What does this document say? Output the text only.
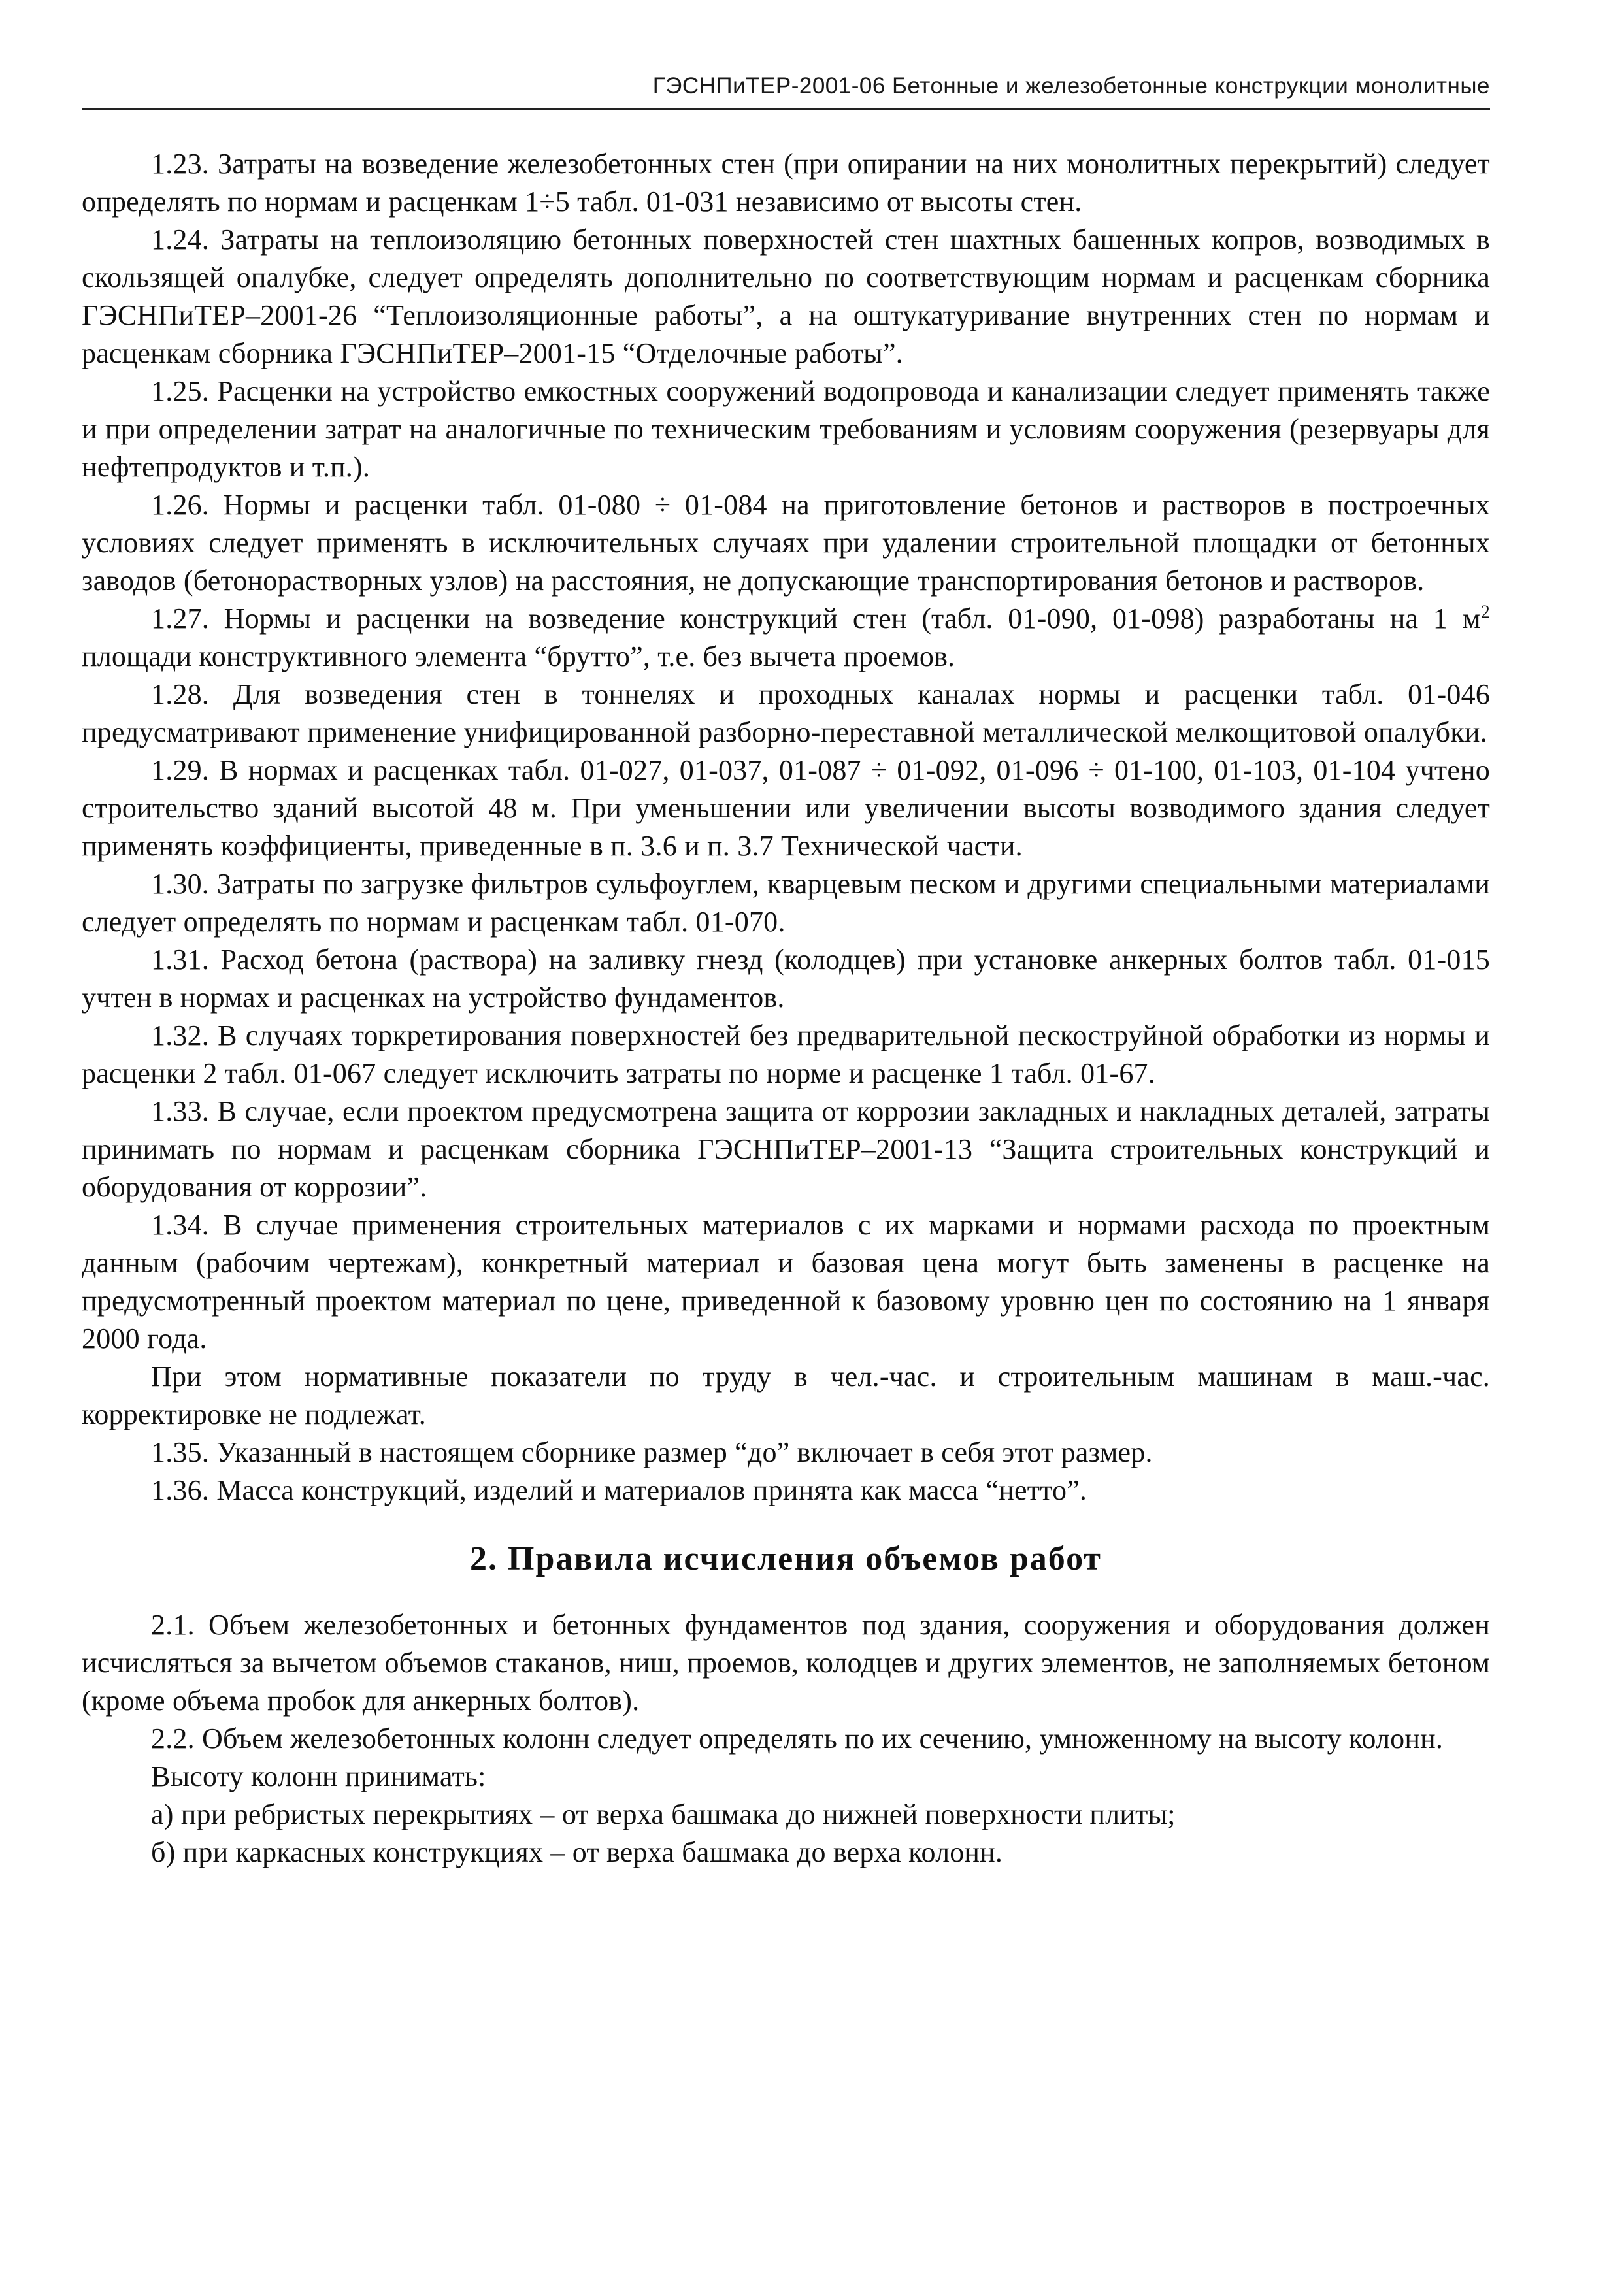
ГЭСНПиТЕР-2001-06 Бетонные и железобетонные конструкции монолитные

1.23. Затраты на возведение железобетонных стен (при опирании на них монолитных перекрытий) следует определять по нормам и расценкам 1÷5 табл. 01-031 независимо от высоты стен.

1.24. Затраты на теплоизоляцию бетонных поверхностей стен шахтных башенных копров, возводимых в скользящей опалубке, следует определять дополнительно по соответствующим нормам и расценкам сборника ГЭСНПиТЕР–2001-26 “Теплоизоляционные работы”, а на оштукатуривание внутренних стен по нормам и расценкам сборника ГЭСНПиТЕР–2001-15 “Отделочные работы”.

1.25. Расценки на устройство емкостных сооружений водопровода и канализации следует применять также и при определении затрат на аналогичные по техническим требованиям и условиям сооружения (резервуары для нефтепродуктов и т.п.).

1.26. Нормы и расценки табл. 01-080 ÷ 01-084 на приготовление бетонов и растворов в построечных условиях следует применять в исключительных случаях при удалении строительной площадки от бетонных заводов (бетонорастворных узлов) на расстояния, не допускающие транспортирования бетонов и растворов.

1.27. Нормы и расценки на возведение конструкций стен (табл. 01-090, 01-098) разработаны на 1 $м^2$ площади конструктивного элемента “брутто”, т.е. без вычета проемов.

1.28. Для возведения стен в тоннелях и проходных каналах нормы и расценки табл. 01-046 предусматривают применение унифицированной разборно-переставной металлической мелкощитовой опалубки.

1.29. В нормах и расценках табл. 01-027, 01-037, 01-087 ÷ 01-092, 01-096 ÷ 01-100, 01-103, 01-104 учтено строительство зданий высотой 48 м. При уменьшении или увеличении высоты возводимого здания следует применять коэффициенты, приведенные в п. 3.6 и п. 3.7 Технической части.

1.30. Затраты по загрузке фильтров сульфоуглем, кварцевым песком и другими специальными материалами следует определять по нормам и расценкам табл. 01-070.

1.31. Расход бетона (раствора) на заливку гнезд (колодцев) при установке анкерных болтов табл. 01-015 учтен в нормах и расценках на устройство фундаментов.

1.32. В случаях торкретирования поверхностей без предварительной пескоструйной обработки из нормы и расценки 2 табл. 01-067 следует исключить затраты по норме и расценке 1 табл. 01-67.

1.33. В случае, если проектом предусмотрена защита от коррозии закладных и накладных деталей, затраты принимать по нормам и расценкам сборника ГЭСНПиТЕР–2001-13 “Защита строительных конструкций и оборудования от коррозии”.

1.34. В случае применения строительных материалов с их марками и нормами расхода по проектным данным (рабочим чертежам), конкретный материал и базовая цена могут быть заменены в расценке на предусмотренный проектом материал по цене, приведенной к базовому уровню цен по состоянию на 1 января 2000 года.

При этом нормативные показатели по труду в чел.-час. и строительным машинам в маш.-час. корректировке не подлежат.

1.35. Указанный в настоящем сборнике размер “до” включает в себя этот размер.

1.36. Масса конструкций, изделий и материалов принята как масса “нетто”.

2. Правила исчисления объемов работ

2.1. Объем железобетонных и бетонных фундаментов под здания, сооружения и оборудования должен исчисляться за вычетом объемов стаканов, ниш, проемов, колодцев и других элементов, не заполняемых бетоном (кроме объема пробок для анкерных болтов).

2.2. Объем железобетонных колонн следует определять по их сечению, умноженному на высоту колонн.

Высоту колонн принимать:

а) при ребристых перекрытиях – от верха башмака до нижней поверхности плиты;

б) при каркасных конструкциях – от верха башмака до верха колонн.
